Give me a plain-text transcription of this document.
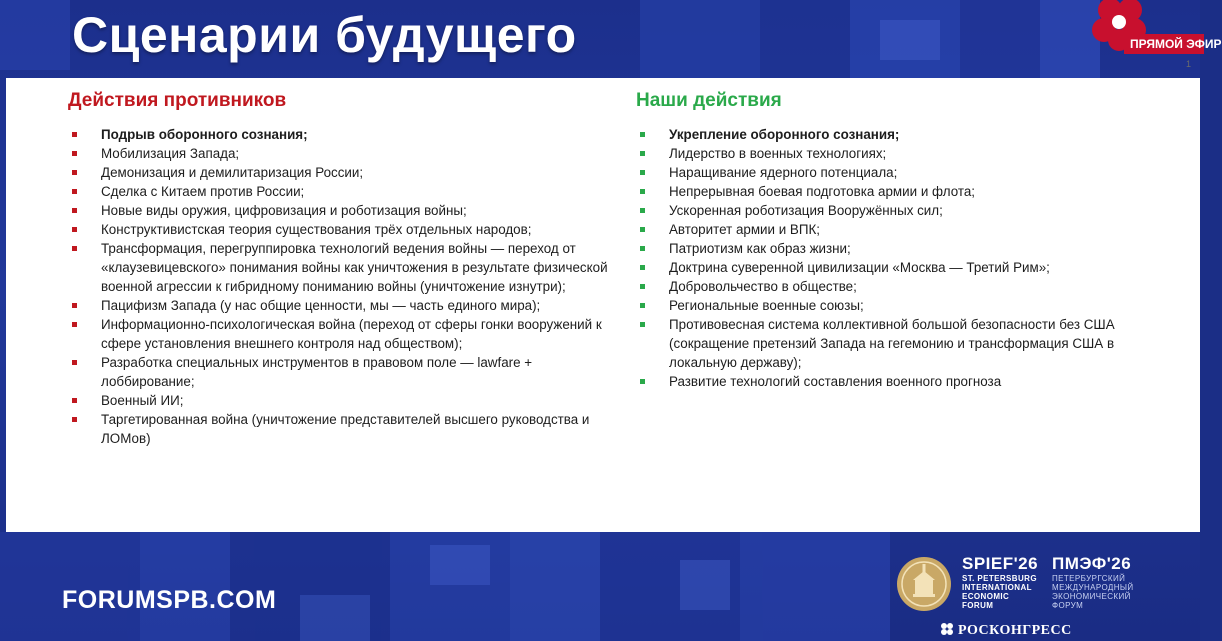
Сценарии будущего	ПРЯМОЙ ЭФИР
1
Действия противников
Подрыв оборонного сознания;
Мобилизация Запада;
Демонизация и демилитаризация России;
Сделка с Китаем против России;
Новые виды оружия, цифровизация и роботизация войны;
Конструктивистская теория существования трёх отдельных народов;
Трансформация, перегруппировка технологий ведения войны — переход от «клаузевицевского» понимания войны как уничтожения в результате физической военной агрессии к гибридному пониманию войны (уничтожение изнутри);
Пацифизм Запада (у нас общие ценности, мы — часть единого мира);
Информационно-психологическая война (переход от сферы гонки вооружений к сфере установления внешнего контроля над обществом);
Разработка специальных инструментов в правовом поле — lawfare + лоббирование;
Военный ИИ;
Таргетированная война (уничтожение представителей высшего руководства и ЛОМов)
Наши действия
Укрепление оборонного сознания;
Лидерство в военных технологиях;
Наращивание ядерного потенциала;
Непрерывная боевая подготовка армии и флота;
Ускоренная роботизация Вооружённых сил;
Авторитет армии и ВПК;
Патриотизм как образ жизни;
Доктрина суверенной цивилизации «Москва — Третий Рим»;
Добровольчество в обществе;
Региональные военные союзы;
Противовесная система коллективной большой безопасности без США (сокращение претензий Запада на гегемонию и трансформация США в локальную державу);
Развитие технологий составления военного прогноза
FORUMSPB.COM
SPIEF'26
ST. PETERSBURG
INTERNATIONAL
ECONOMIC
FORUM
ПМЭФ'26
ПЕТЕРБУРГСКИЙ
МЕЖДУНАРОДНЫЙ
ЭКОНОМИЧЕСКИЙ
ФОРУМ
РОСКОНГРЕСС
